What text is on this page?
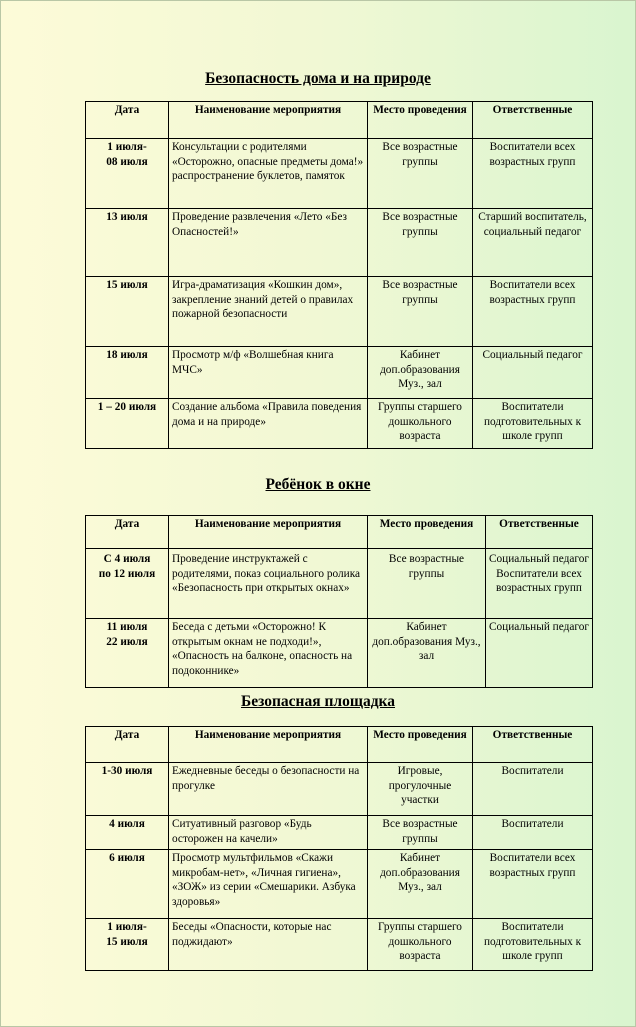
Безопасность дома и на природе
Дата	Наименование мероприятия	Место проведения	Ответственные
1 июля-
08 июля	Консультации с родителями «Осторожно, опасные предметы дома!» распространение буклетов, памяток	Все возрастные группы	Воспитатели всех возрастных групп
13 июля	Проведение развлечения «Лето «Без Опасностей!»	Все возрастные группы	Старший воспитатель, социальный педагог
15 июля	Игра-драматизация «Кошкин дом», закрепление знаний детей о правилах пожарной безопасности	Все возрастные группы	Воспитатели всех возрастных групп
18 июля	Просмотр м/ф «Волшебная книга МЧС»	Кабинет доп.образования Муз., зал	Социальный педагог
1 – 20 июля	Создание альбома «Правила поведения дома и на природе»	Группы старшего дошкольного возраста	Воспитатели подготовительных к школе групп
Ребёнок в окне
Дата	Наименование мероприятия	Место проведения	Ответственные
С 4 июля
по 12 июля	Проведение инструктажей с родителями, показ социального ролика «Безопасность при открытых окнах»	Все возрастные группы	Социальный педагог Воспитатели всех возрастных групп
11 июля
22 июля	Беседа с детьми «Осторожно! К открытым окнам не подходи!», «Опасность на балконе, опасность на подоконнике»	Кабинет доп.образования Муз., зал	Социальный педагог
Безопасная площадка
Дата	Наименование мероприятия	Место проведения	Ответственные
1-30 июля	Ежедневные беседы о безопасности на прогулке	Игровые, прогулочные участки	Воспитатели
4 июля	Ситуативный разговор «Будь осторожен на качели»	Все возрастные группы	Воспитатели
6 июля	Просмотр мультфильмов «Скажи микробам-нет», «Личная гигиена», «ЗОЖ» из серии «Смешарики. Азбука здоровья»	Кабинет доп.образования Муз., зал	Воспитатели всех возрастных групп
1 июля-
15 июля	Беседы «Опасности, которые нас поджидают»	Группы старшего дошкольного возраста	Воспитатели подготовительных к школе групп
